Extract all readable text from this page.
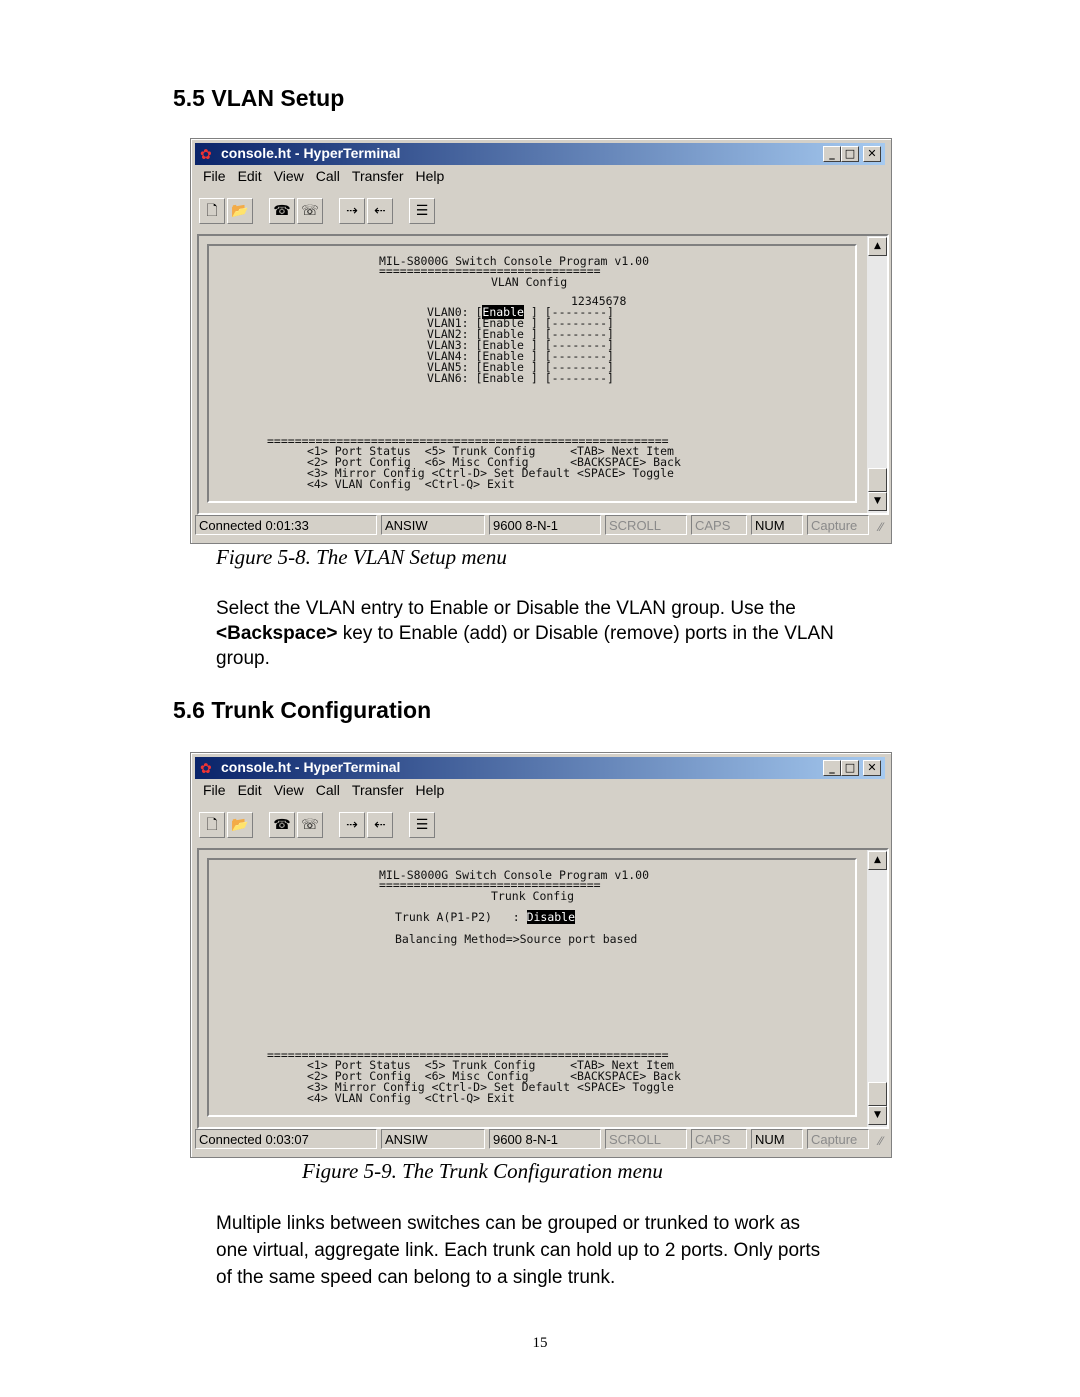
5.5 VLAN Setup
✿ console.ht - HyperTerminal	_ □	✕
File Edit View Call Transfer Help
🗋 📂	☎ ☏	⇢	⇠	☰
MIL-S8000G Switch Console Program v1.00
================================
VLAN Config
12345678
VLAN0: [Enable ] [--------]
VLAN1: [Enable ] [--------]
VLAN2: [Enable ] [--------]
VLAN3: [Enable ] [--------]
VLAN4: [Enable ] [--------]
VLAN5: [Enable ] [--------]
VLAN6: [Enable ] [--------]
==========================================================
<1> Port Status  <5> Trunk Config     <TAB> Next Item
<2> Port Config  <6> Misc Config      <BACKSPACE> Back
<3> Mirror Config <Ctrl-D> Set Default <SPACE> Toggle
<4> VLAN Config  <Ctrl-Q> Exit
▲
▼
Connected 0:01:33	ANSIW	9600 8-N-1	SCROLL	CAPS	NUM	Capture	⁄⁄
Figure 5-8. The VLAN Setup menu
Select the VLAN entry to Enable or Disable the VLAN group. Use the
<Backspace> key to Enable (add) or Disable (remove) ports in the VLAN
group.
5.6 Trunk Configuration
✿ console.ht - HyperTerminal	_ □	✕
File Edit View Call Transfer Help
🗋 📂	☎ ☏	⇢	⇠	☰
MIL-S8000G Switch Console Program v1.00
================================
Trunk Config
Trunk A(P1-P2)   : Disable
Balancing Method=>Source port based
==========================================================
<1> Port Status  <5> Trunk Config     <TAB> Next Item
<2> Port Config  <6> Misc Config      <BACKSPACE> Back
<3> Mirror Config <Ctrl-D> Set Default <SPACE> Toggle
<4> VLAN Config  <Ctrl-Q> Exit
▲
▼
Connected 0:03:07	ANSIW	9600 8-N-1	SCROLL	CAPS	NUM	Capture	⁄⁄
Figure 5-9. The Trunk Configuration menu
Multiple links between switches can be grouped or trunked to work as
one virtual, aggregate link. Each trunk can hold up to 2 ports. Only ports
of the same speed can belong to a single trunk.
15
